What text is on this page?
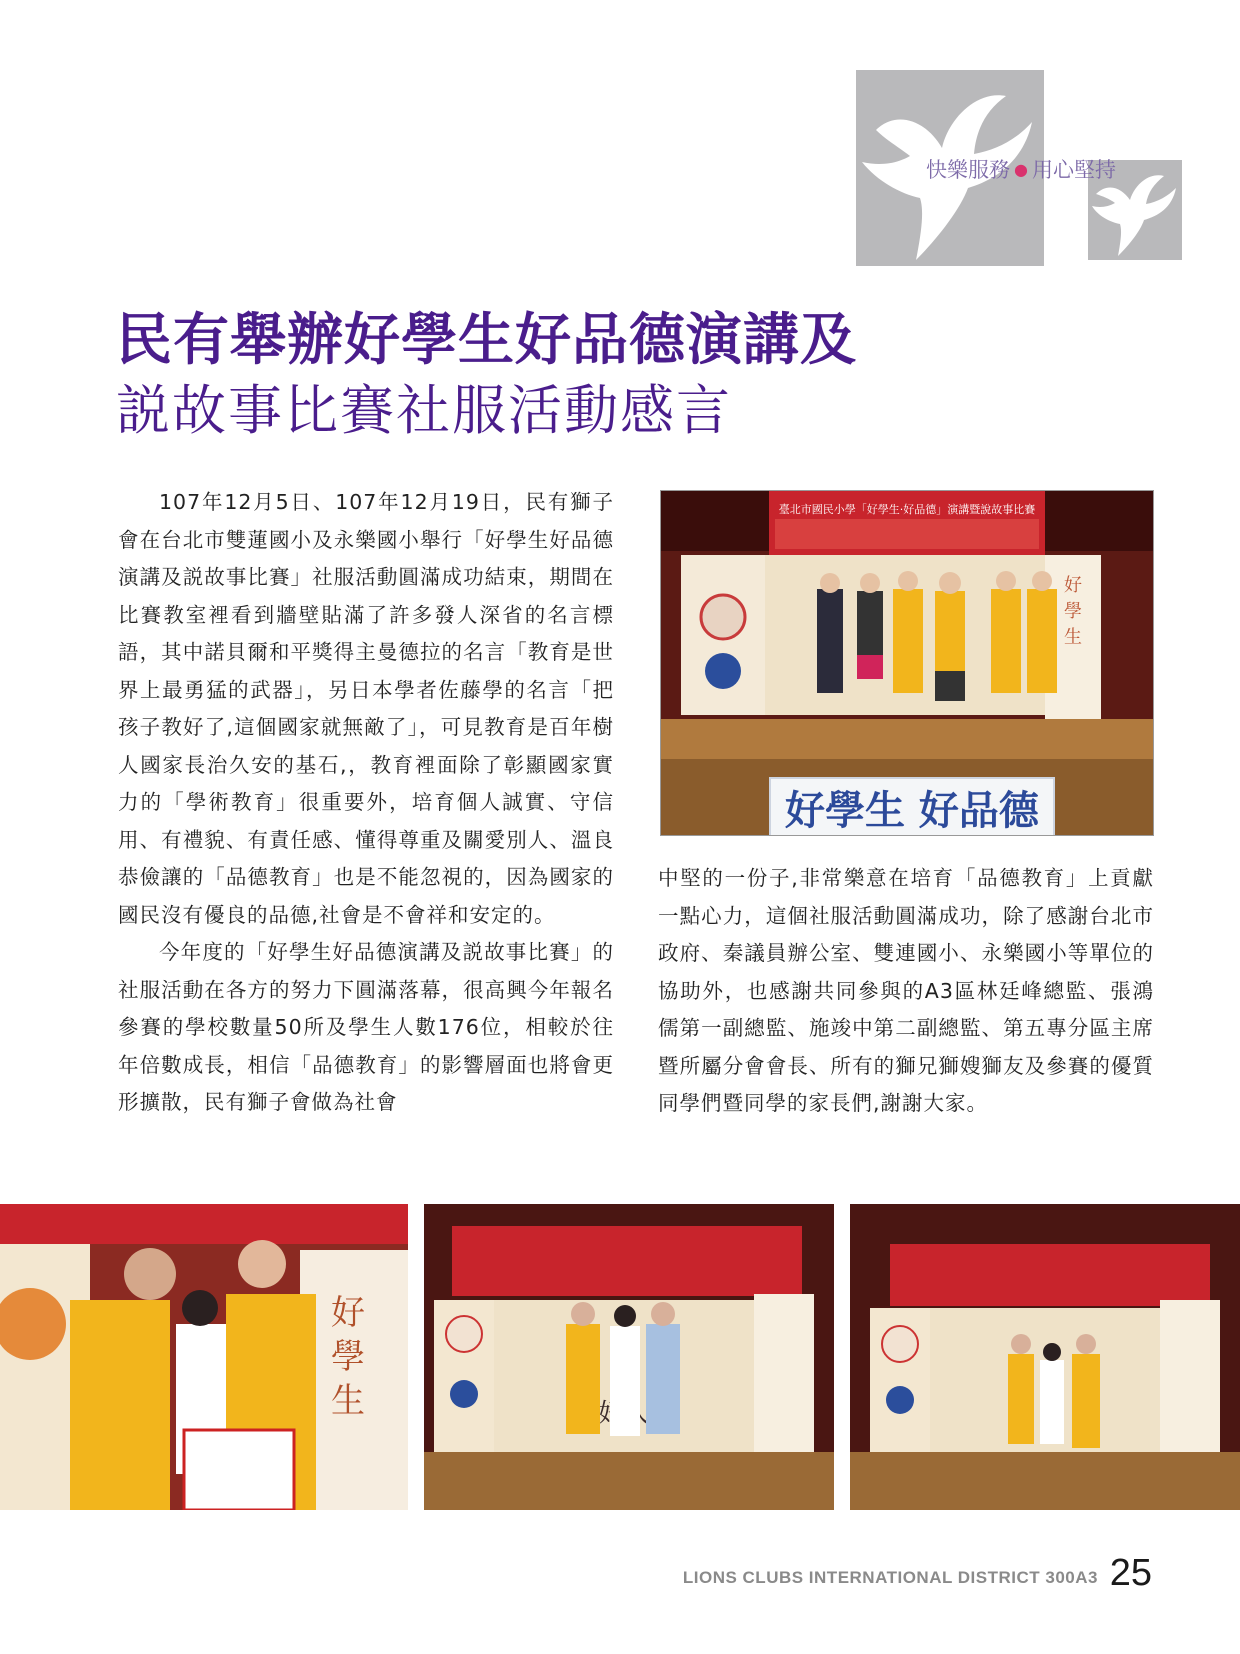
快樂服務 ● 用心堅持
民有舉辦好學生好品德演講及
説故事比賽社服活動感言

107年12月5日、107年12月19日，民有獅子會在台北市雙蓮國小及永樂國小舉行「好學生好品德演講及説故事比賽」社服活動圓滿成功結束，期間在比賽教室裡看到牆壁貼滿了許多發人深省的名言標語，其中諾貝爾和平獎得主曼德拉的名言「教育是世界上最勇猛的武器」，另日本學者佐藤學的名言「把孩子教好了,這個國家就無敵了」，可見教育是百年樹人國家長治久安的基石,，教育裡面除了彰顯國家實力的「學術教育」很重要外，培育個人誠實、守信用、有禮貌、有責任感、懂得尊重及關愛別人、溫良恭儉讓的「品德教育」也是不能忽視的，因為國家的國民沒有優良的品德,社會是不會祥和安定的。

今年度的「好學生好品德演講及説故事比賽」的社服活動在各方的努力下圓滿落幕，很高興今年報名參賽的學校數量50所及學生人數176位，相較於往年倍數成長，相信「品德教育」的影響層面也將會更形擴散，民有獅子會做為社會

臺北市國民小學「好學生‧好品德」演講暨說故事比賽
好
學
生
好學生 好品德

中堅的一份子,非常樂意在培育「品德教育」上貢獻一點心力，這個社服活動圓滿成功，除了感謝台北市政府、秦議員辦公室、雙連國小、永樂國小等單位的協助外，也感謝共同參與的A3區林廷峰總監、張鴻儒第一副總監、施竣中第二副總監、第五專分區主席暨所屬分會會長、所有的獅兄獅嫂獅友及參賽的優質同學們暨同學的家長們,謝謝大家。

好
學
生
LIONS CLUBS INTERNATIONAL DISTRICT 300A3 25
